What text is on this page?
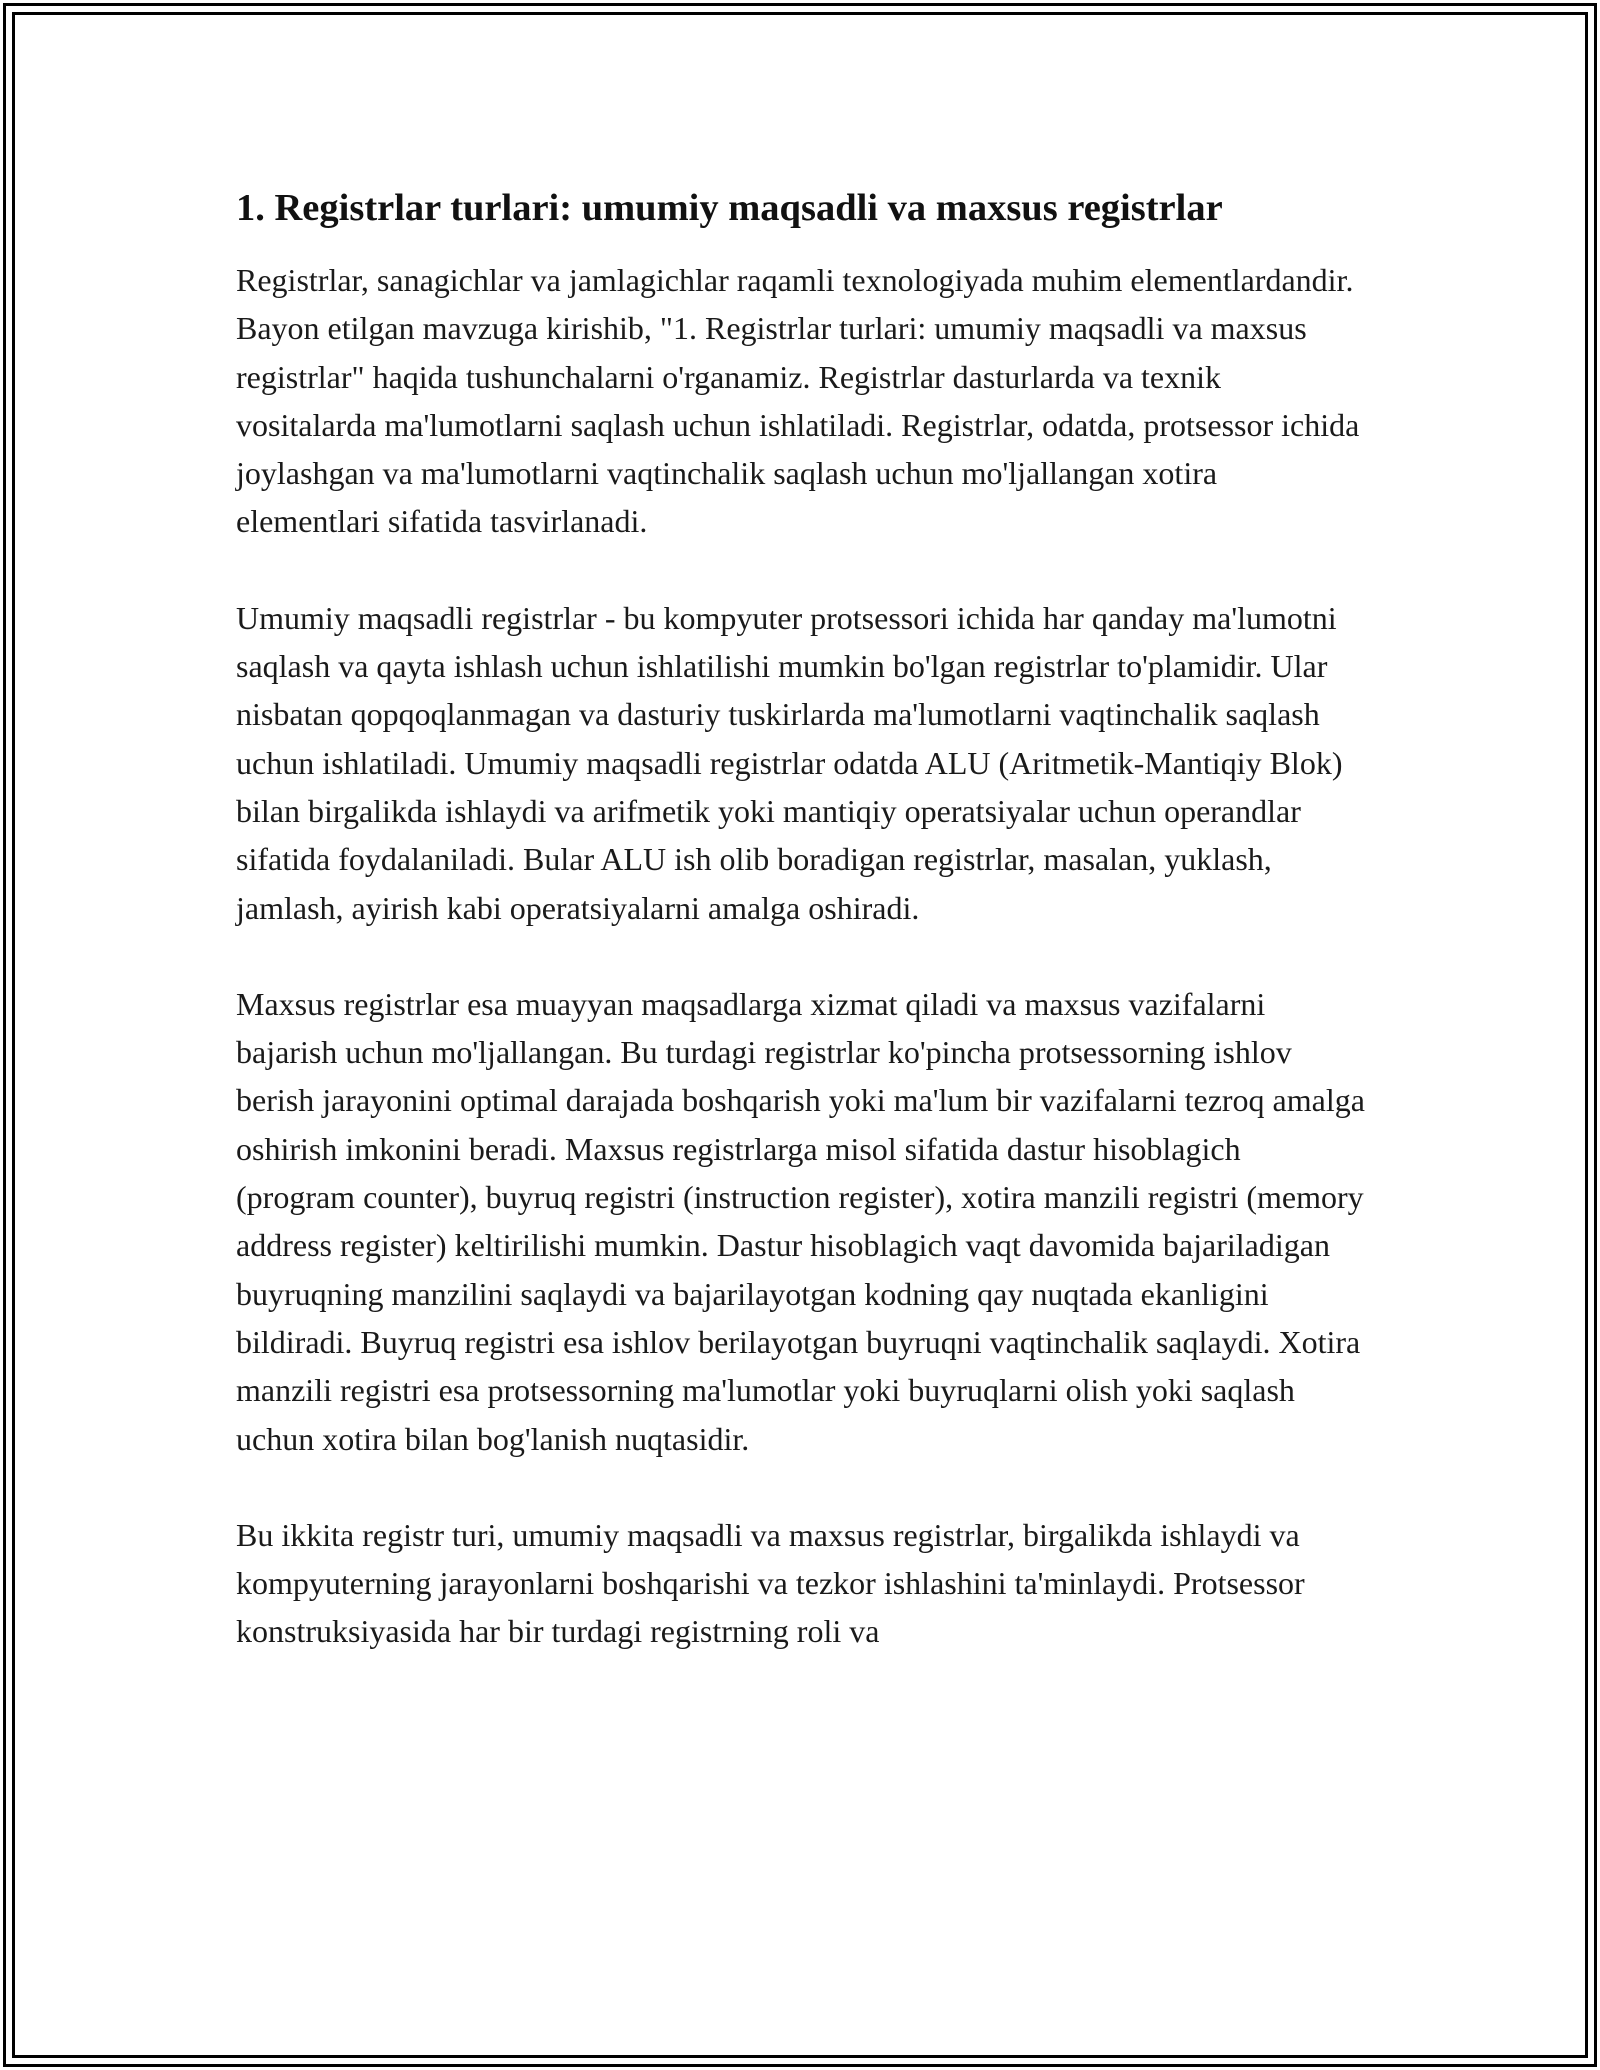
1. Registrlar turlari: umumiy maqsadli va maxsus registrlar

Registrlar, sanagichlar va jamlagichlar raqamli texnologiyada muhim elementlardandir. Bayon etilgan mavzuga kirishib, "1. Registrlar turlari: umumiy maqsadli va maxsus registrlar" haqida tushunchalarni o'rganamiz. Registrlar dasturlarda va texnik vositalarda ma'lumotlarni saqlash uchun ishlatiladi. Registrlar, odatda, protsessor ichida joylashgan va ma'lumotlarni vaqtinchalik saqlash uchun mo'ljallangan xotira elementlari sifatida tasvirlanadi.

Umumiy maqsadli registrlar - bu kompyuter protsessori ichida har qanday ma'lumotni saqlash va qayta ishlash uchun ishlatilishi mumkin bo'lgan registrlar to'plamidir. Ular nisbatan qopqoqlanmagan va dasturiy tuskirlarda ma'lumotlarni vaqtinchalik saqlash uchun ishlatiladi. Umumiy maqsadli registrlar odatda ALU (Aritmetik-Mantiqiy Blok) bilan birgalikda ishlaydi va arifmetik yoki mantiqiy operatsiyalar uchun operandlar sifatida foydalaniladi. Bular ALU ish olib boradigan registrlar, masalan, yuklash, jamlash, ayirish kabi operatsiyalarni amalga oshiradi.

Maxsus registrlar esa muayyan maqsadlarga xizmat qiladi va maxsus vazifalarni bajarish uchun mo'ljallangan. Bu turdagi registrlar ko'pincha protsessorning ishlov berish jarayonini optimal darajada boshqarish yoki ma'lum bir vazifalarni tezroq amalga oshirish imkonini beradi. Maxsus registrlarga misol sifatida dastur hisoblagich (program counter), buyruq registri (instruction register), xotira manzili registri (memory address register) keltirilishi mumkin. Dastur hisoblagich vaqt davomida bajariladigan buyruqning manzilini saqlaydi va bajarilayotgan kodning qay nuqtada ekanligini bildiradi. Buyruq registri esa ishlov berilayotgan buyruqni vaqtinchalik saqlaydi. Xotira manzili registri esa protsessorning ma'lumotlar yoki buyruqlarni olish yoki saqlash uchun xotira bilan bog'lanish nuqtasidir.

Bu ikkita registr turi, umumiy maqsadli va maxsus registrlar, birgalikda ishlaydi va kompyuterning jarayonlarni boshqarishi va tezkor ishlashini ta'minlaydi. Protsessor konstruksiyasida har bir turdagi registrning roli va
